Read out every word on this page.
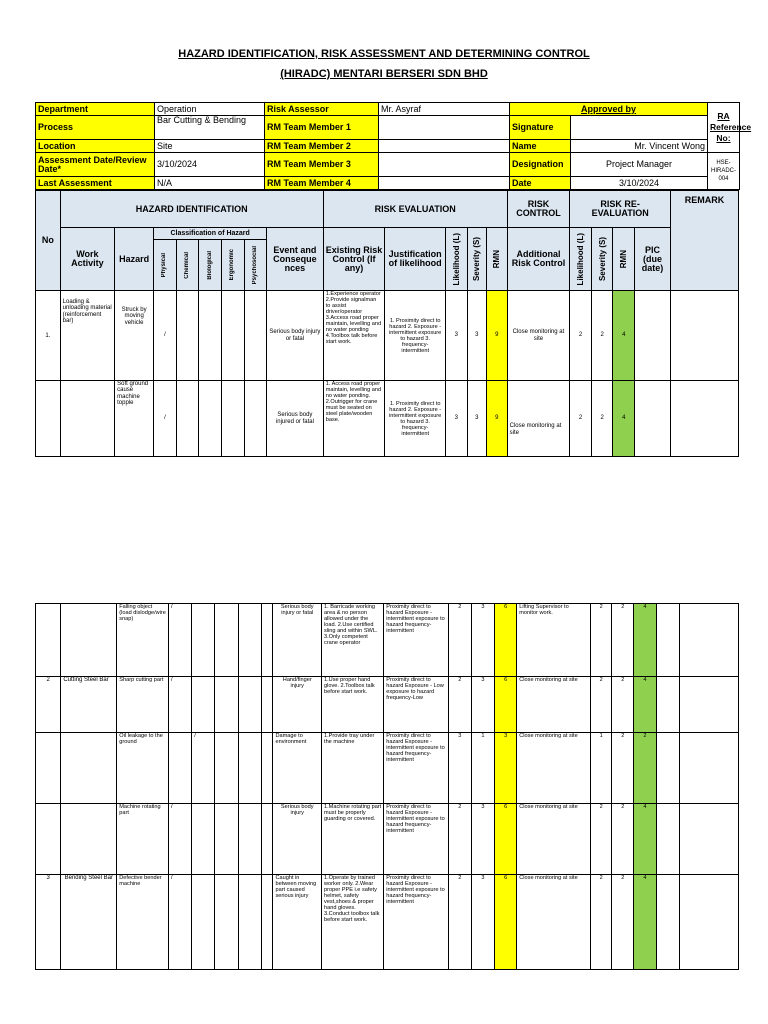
HAZARD IDENTIFICATION, RISK ASSESSMENT AND DETERMINING CONTROL
(HIRADC) MENTARI BERSERI SDN BHD
Department	Operation	Risk Assessor	Mr. Asyraf	Approved by		RA Reference No:
Process	Bar Cutting & Bending	RM Team Member 1		Signature		
Location	Site	RM Team Member 2		Name	Mr. Vincent Wong	
Assessment Date/Review Date*	3/10/2024	RM Team Member 3		Designation	Project Manager	HSE-HIRADC-004
Last Assessment	N/A	RM Team Member 4		Date	3/10/2024	
No	HAZARD IDENTIFICATION								RISK EVALUATION					RISK CONTROL	RISK RE-EVALUATION				REMARK
	Work Activity	Hazard	Classification of Hazard					Event and Conseque nces	Existing Risk Control (If any)	Justification of likelihood	Likelihood (L)	Severity (S)	RMN	Additional Risk Control	Likelihood (L)	Severity (S)	RMN	PIC (due date)	

			Physical	Chemical	Biological	Ergonomic	Psychosocial												

1.	Loading & unloading material (reinforcement bar)	Struck by moving vehicle	/					Serious body injury or fatal	1.Experience operator 2.Provide signalman to assist driver/operator 3.Access road proper maintain, levelling and no water ponding 4.Toolbox talk before start work.	1. Proximity direct to hazard 2. Exposure - intermittent exposure to hazard 3. frequency- intermittent	3	3	9	Close monitoring at site	2	2	4		
		Soft ground cause machine topple	/					Serious body injured or fatal	1. Access road proper maintain, levelling and no water ponding. 2.Outrigger for crane must be seated on steel plate/wooden base.	1. Proximity direct to hazard 2. Exposure - intermittent exposure to hazard 3. frequency- intermittent	3	3	9	Close monitoring at site	2	2	4		
		Falling object (load dislodge/wire snap)	/					Serious body injury or fatal	1. Barricade working area & no person allowed under the load. 2.Use certified sling and within SWL. 3.Only competent crane operator	Proximity direct to hazard Exposure - intermittent exposure to hazard frequency- intermittent	2	3	6	Lifting Supervisor to monitor work.	2	2	4		
2	Cutting Steel Bar	Sharp cutting part	/					Hand/finger injury	1.Use proper hand glove. 2.Toolbox talk before start work.	Proximity direct to hazard Exposure - Low exposure to hazard frequency-Low	2	3	6	Close monitoring at site	2	2	4		
		Oil leakage to the ground		/				Damage to environment	1.Provide tray under the machine	Proximity direct to hazard Exposure - intermittent exposure to hazard frequency- intermittent	3	1	3	Close monitoring at site	1	2	2		
		Machine rotating part	/					Serious body injury	1.Machine rotating part must be properly guarding or covered.	Proximity direct to hazard Exposure - intermittent exposure to hazard frequency- intermittent	2	3	6	Close monitoring at site	2	2	4		
3	Bending Steel Bar	Defective bender machine	/					Caught in between moving part caused serious injury	1.Operate by trained worker only. 2.Wear proper PPE i.e safety helmet, safety vest,shoes & proper hand gloves. 3.Conduct toolbox talk before start work.	Proximity direct to hazard Exposure - intermittent exposure to hazard frequency- intermittent	2	3	6	Close monitoring at site	2	2	4		
